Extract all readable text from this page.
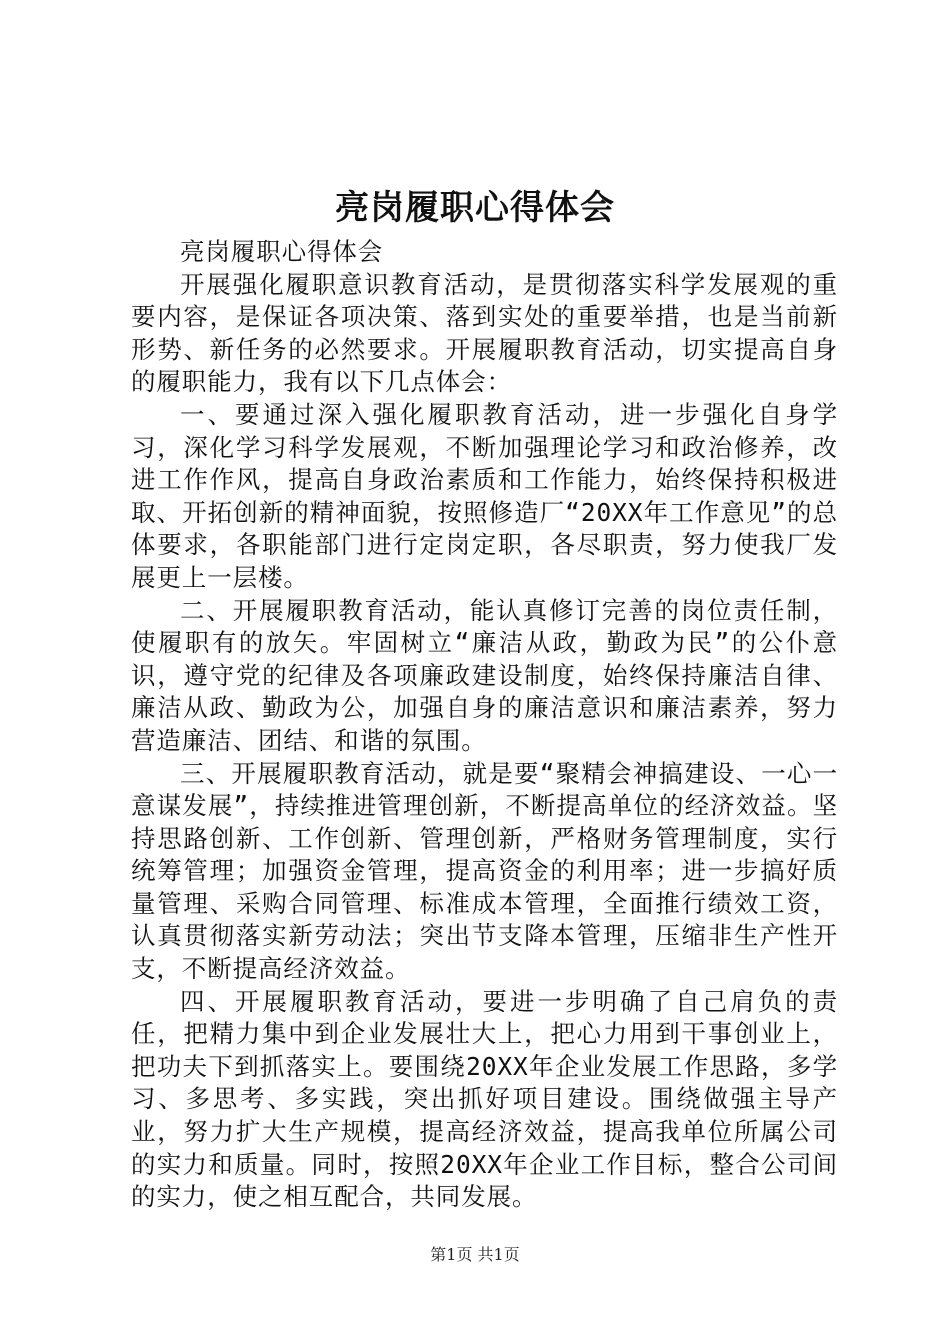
亮岗履职心得体会

亮岗履职心得体会

开展强化履职意识教育活动，是贯彻落实科学发展观的重要内容，是保证各项决策、落到实处的重要举措，也是当前新形势、新任务的必然要求。开展履职教育活动，切实提高自身的履职能力，我有以下几点体会：

一、要通过深入强化履职教育活动，进一步强化自身学习，深化学习科学发展观，不断加强理论学习和政治修养，改进工作作风，提高自身政治素质和工作能力，始终保持积极进取、开拓创新的精神面貌，按照修造厂“20XX年工作意见”的总体要求，各职能部门进行定岗定职，各尽职责，努力使我厂发展更上一层楼。

二、开展履职教育活动，能认真修订完善的岗位责任制，使履职有的放矢。牢固树立“廉洁从政，勤政为民”的公仆意识，遵守党的纪律及各项廉政建设制度，始终保持廉洁自律、廉洁从政、勤政为公，加强自身的廉洁意识和廉洁素养，努力营造廉洁、团结、和谐的氛围。

三、开展履职教育活动，就是要“聚精会神搞建设、一心一意谋发展”，持续推进管理创新，不断提高单位的经济效益。坚持思路创新、工作创新、管理创新，严格财务管理制度，实行统筹管理；加强资金管理，提高资金的利用率；进一步搞好质量管理、采购合同管理、标准成本管理，全面推行绩效工资，认真贯彻落实新劳动法；突出节支降本管理，压缩非生产性开支，不断提高经济效益。

四、开展履职教育活动，要进一步明确了自己肩负的责任，把精力集中到企业发展壮大上，把心力用到干事创业上，把功夫下到抓落实上。要围绕20XX年企业发展工作思路，多学习、多思考、多实践，突出抓好项目建设。围绕做强主导产业，努力扩大生产规模，提高经济效益，提高我单位所属公司的实力和质量。同时，按照20XX年企业工作目标，整合公司间的实力，使之相互配合，共同发展。

第1页 共1页
